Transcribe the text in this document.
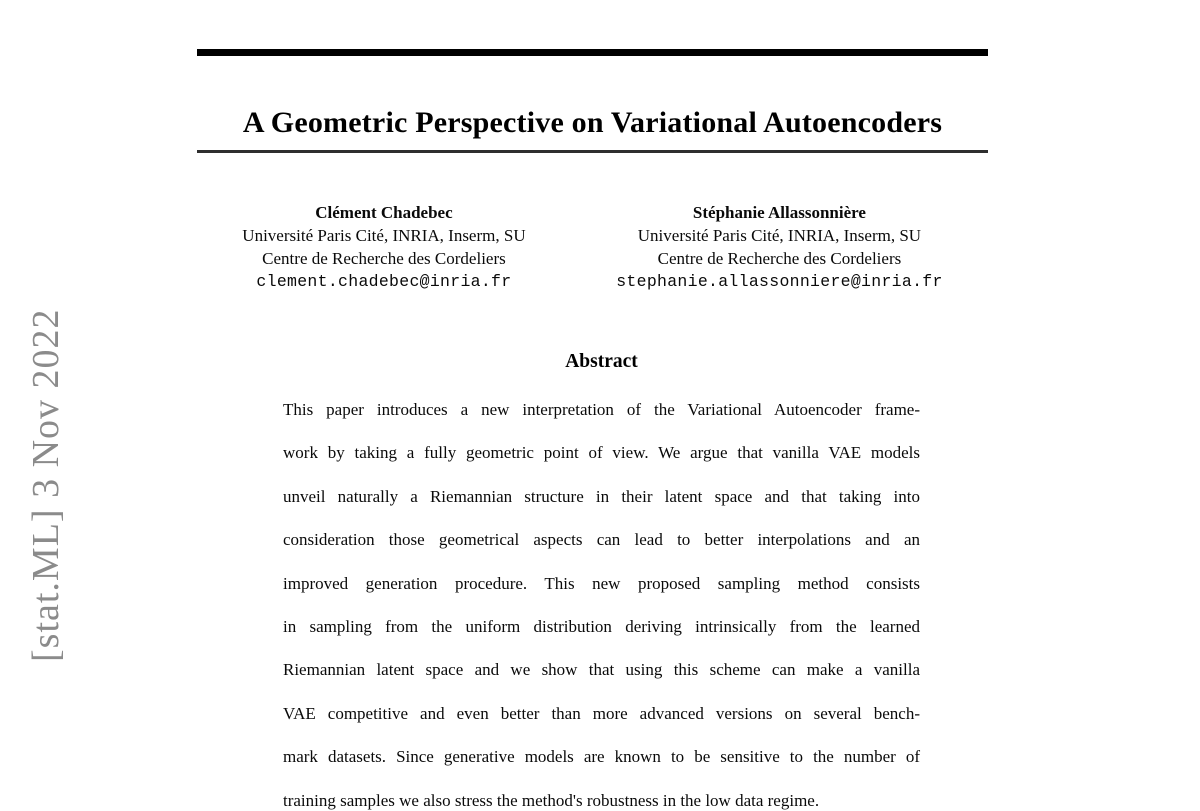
[stat.ML] 3 Nov 2022
A Geometric Perspective on Variational Autoencoders
Clément Chadebec
Université Paris Cité, INRIA, Inserm, SU
Centre de Recherche des Cordeliers
clement.chadebec@inria.fr
Stéphanie Allassonnière
Université Paris Cité, INRIA, Inserm, SU
Centre de Recherche des Cordeliers
stephanie.allassonniere@inria.fr
Abstract
This paper introduces a new interpretation of the Variational Autoencoder frame-
work by taking a fully geometric point of view. We argue that vanilla VAE models
unveil naturally a Riemannian structure in their latent space and that taking into
consideration those geometrical aspects can lead to better interpolations and an
improved generation procedure. This new proposed sampling method consists
in sampling from the uniform distribution deriving intrinsically from the learned
Riemannian latent space and we show that using this scheme can make a vanilla
VAE competitive and even better than more advanced versions on several bench-
mark datasets. Since generative models are known to be sensitive to the number of
training samples we also stress the method's robustness in the low data regime.
